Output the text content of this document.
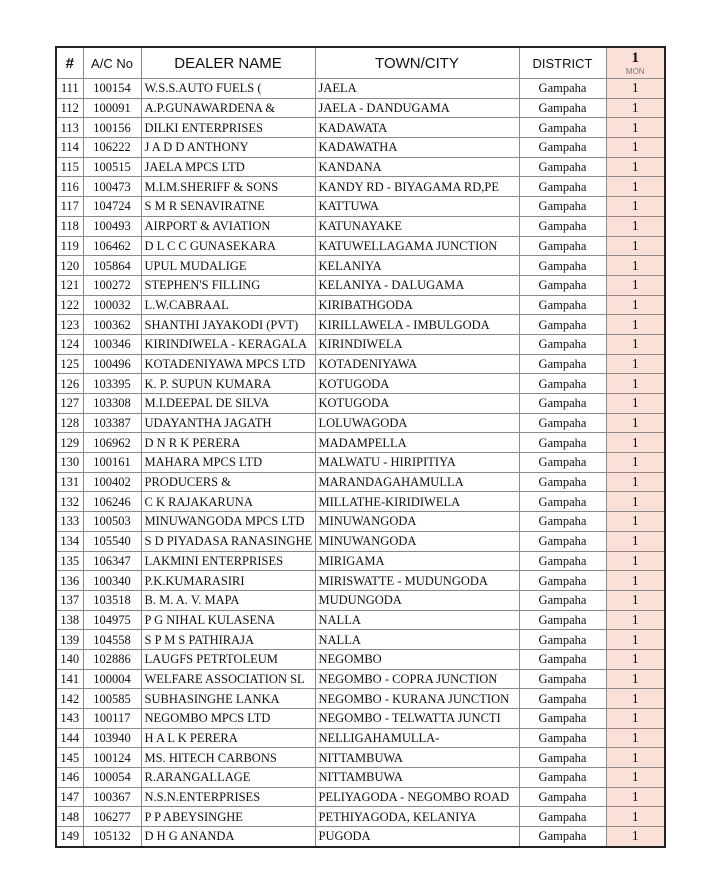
#	A/C No	DEALER NAME	TOWN/CITY	DISTRICT	1
MON

111	100154	W.S.S.AUTO FUELS (	JAELA	Gampaha	1
112	100091	A.P.GUNAWARDENA &	JAELA - DANDUGAMA	Gampaha	1
113	100156	DILKI ENTERPRISES	KADAWATA	Gampaha	1
114	106222	J A D D ANTHONY	KADAWATHA	Gampaha	1
115	100515	JAELA MPCS LTD	KANDANA	Gampaha	1
116	100473	M.I.M.SHERIFF & SONS	KANDY RD - BIYAGAMA RD,PE	Gampaha	1
117	104724	S M R SENAVIRATNE	KATTUWA	Gampaha	1
118	100493	AIRPORT & AVIATION	KATUNAYAKE	Gampaha	1
119	106462	D L C C GUNASEKARA	KATUWELLAGAMA JUNCTION	Gampaha	1
120	105864	UPUL MUDALIGE	KELANIYA	Gampaha	1
121	100272	STEPHEN'S FILLING	KELANIYA - DALUGAMA	Gampaha	1
122	100032	L.W.CABRAAL	KIRIBATHGODA	Gampaha	1
123	100362	SHANTHI JAYAKODI (PVT)	KIRILLAWELA - IMBULGODA	Gampaha	1
124	100346	KIRINDIWELA - KERAGALA	KIRINDIWELA	Gampaha	1
125	100496	KOTADENIYAWA MPCS LTD	KOTADENIYAWA	Gampaha	1
126	103395	K. P. SUPUN KUMARA	KOTUGODA	Gampaha	1
127	103308	M.I.DEEPAL DE SILVA	KOTUGODA	Gampaha	1
128	103387	UDAYANTHA JAGATH	LOLUWAGODA	Gampaha	1
129	106962	D N R K PERERA	MADAMPELLA	Gampaha	1
130	100161	MAHARA MPCS LTD	MALWATU - HIRIPITIYA	Gampaha	1
131	100402	PRODUCERS &	MARANDAGAHAMULLA	Gampaha	1
132	106246	C K RAJAKARUNA	MILLATHE-KIRIDIWELA	Gampaha	1
133	100503	MINUWANGODA MPCS LTD	MINUWANGODA	Gampaha	1
134	105540	S D PIYADASA RANASINGHE	MINUWANGODA	Gampaha	1
135	106347	LAKMINI ENTERPRISES	MIRIGAMA	Gampaha	1
136	100340	P.K.KUMARASIRI	MIRISWATTE - MUDUNGODA	Gampaha	1
137	103518	B. M. A. V. MAPA	MUDUNGODA	Gampaha	1
138	104975	P G NIHAL KULASENA	NALLA	Gampaha	1
139	104558	S P M S PATHIRAJA	NALLA	Gampaha	1
140	102886	LAUGFS PETRTOLEUM	NEGOMBO	Gampaha	1
141	100004	WELFARE ASSOCIATION SL	NEGOMBO - COPRA JUNCTION	Gampaha	1
142	100585	SUBHASINGHE LANKA	NEGOMBO - KURANA JUNCTION	Gampaha	1
143	100117	NEGOMBO MPCS LTD	NEGOMBO - TELWATTA JUNCTI	Gampaha	1
144	103940	H A L K PERERA	NELLIGAHAMULLA-	Gampaha	1
145	100124	MS. HITECH CARBONS	NITTAMBUWA	Gampaha	1
146	100054	R.ARANGALLAGE	NITTAMBUWA	Gampaha	1
147	100367	N.S.N.ENTERPRISES	PELIYAGODA - NEGOMBO ROAD	Gampaha	1
148	106277	P P ABEYSINGHE	PETHIYAGODA, KELANIYA	Gampaha	1
149	105132	D H G ANANDA	PUGODA	Gampaha	1
